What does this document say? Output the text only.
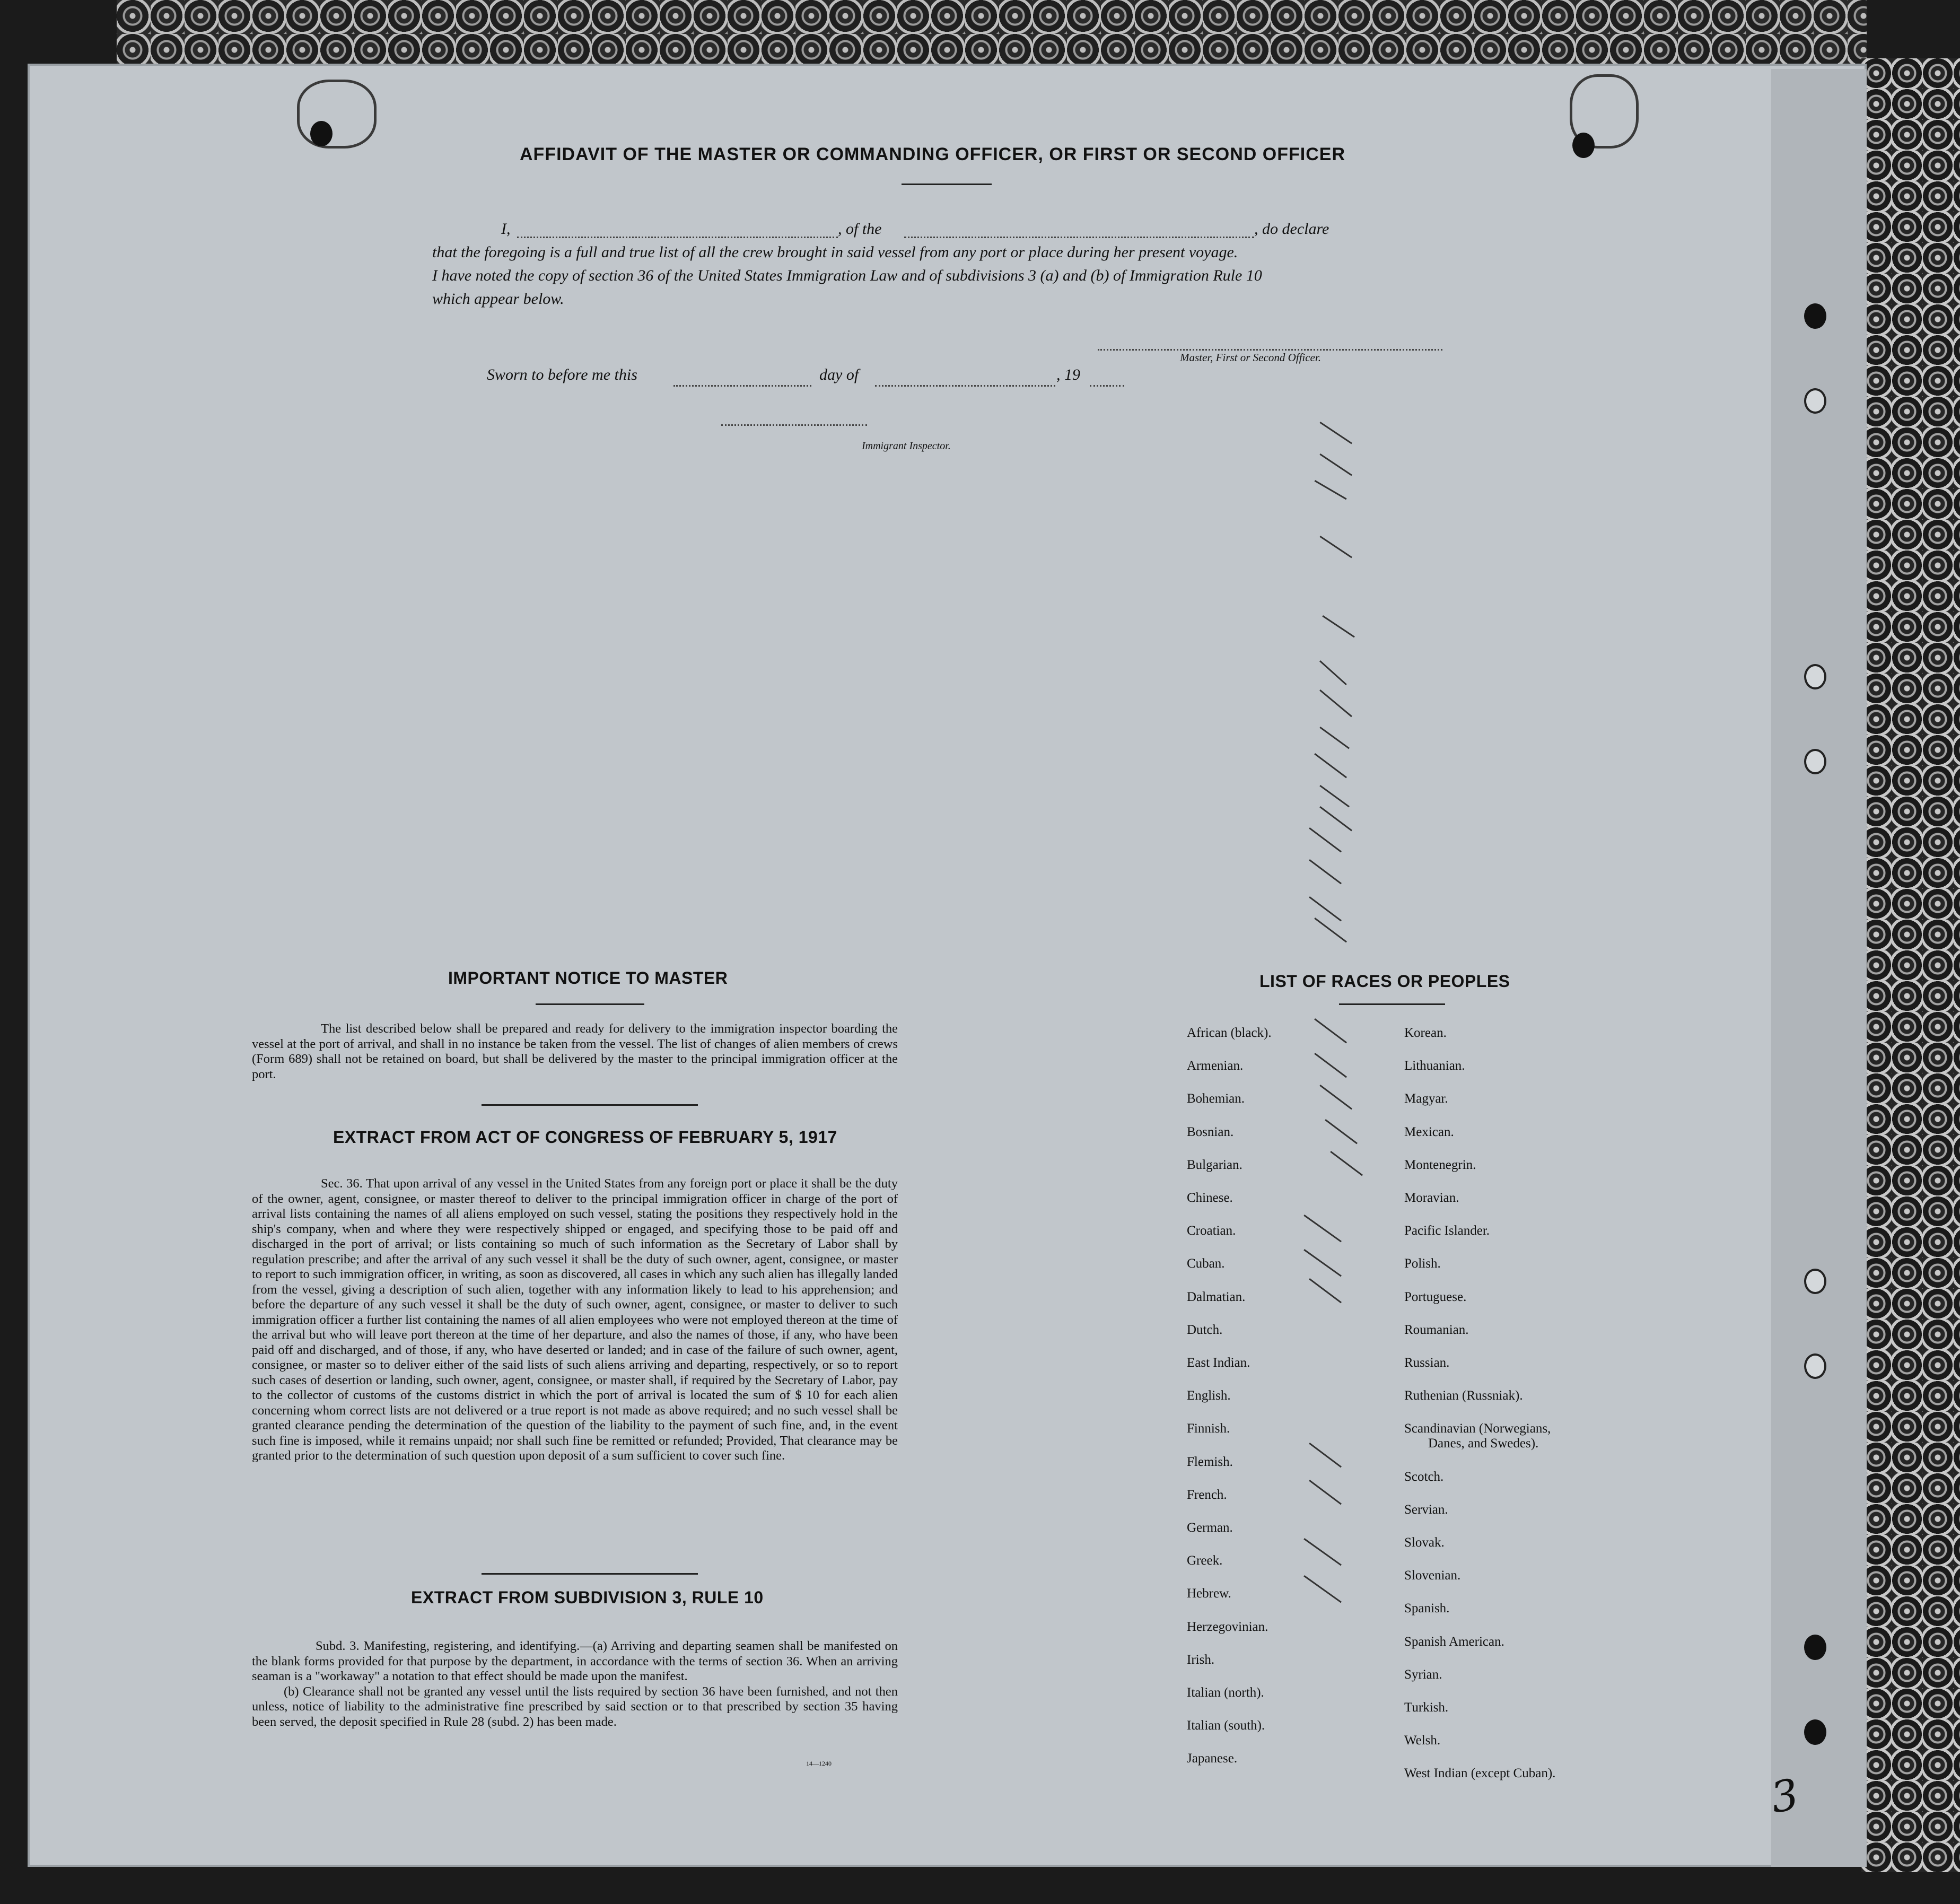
AFFIDAVIT OF THE MASTER OR COMMANDING OFFICER, OR FIRST OR SECOND OFFICER
I,	, of the	, do declare
that the foregoing is a full and true list of all the crew brought in said vessel from any port or place during her present voyage.
I have noted the copy of section 36 of the United States Immigration Law and of subdivisions 3 (a) and (b) of Immigration Rule 10
which appear below.
Master, First or Second Officer.
Sworn to before me this	day of	, 19
Immigrant Inspector.
IMPORTANT NOTICE TO MASTER
The list described below shall be prepared and ready for delivery to the immigration inspector boarding the vessel at the port of arrival, and shall in no instance be taken from the vessel. The list of changes of alien members of crews (Form 689) shall not be retained on board, but shall be delivered by the master to the principal immigration officer at the port.
EXTRACT FROM ACT OF CONGRESS OF FEBRUARY 5, 1917
Sec. 36. That upon arrival of any vessel in the United States from any foreign port or place it shall be the duty of the owner, agent, consignee, or master thereof to deliver to the principal immigration officer in charge of the port of arrival lists containing the names of all aliens employed on such vessel, stating the positions they respectively hold in the ship's company, when and where they were respectively shipped or engaged, and specifying those to be paid off and discharged in the port of arrival; or lists containing so much of such information as the Secretary of Labor shall by regulation prescribe; and after the arrival of any such vessel it shall be the duty of such owner, agent, consignee, or master to report to such immigration officer, in writing, as soon as discovered, all cases in which any such alien has illegally landed from the vessel, giving a description of such alien, together with any information likely to lead to his apprehension; and before the departure of any such vessel it shall be the duty of such owner, agent, consignee, or master to deliver to such immigration officer a further list containing the names of all alien employees who were not employed thereon at the time of the arrival but who will leave port thereon at the time of her departure, and also the names of those, if any, who have been paid off and discharged, and of those, if any, who have deserted or landed; and in case of the failure of such owner, agent, consignee, or master so to deliver either of the said lists of such aliens arriving and departing, respectively, or so to report such cases of desertion or landing, such owner, agent, consignee, or master shall, if required by the Secretary of Labor, pay to the collector of customs of the customs district in which the port of arrival is located the sum of $ 10 for each alien concerning whom correct lists are not delivered or a true report is not made as above required; and no such vessel shall be granted clearance pending the determination of the question of the liability to the payment of such fine, and, in the event such fine is imposed, while it remains unpaid; nor shall such fine be remitted or refunded; Provided, That clearance may be granted prior to the determination of such question upon deposit of a sum sufficient to cover such fine.
EXTRACT FROM SUBDIVISION 3, RULE 10
Subd. 3. Manifesting, registering, and identifying.—(a) Arriving and departing seamen shall be manifested on the blank forms provided for that purpose by the department, in accordance with the terms of section 36. When an arriving seaman is a "workaway" a notation to that effect should be made upon the manifest.
(b) Clearance shall not be granted any vessel until the lists required by section 36 have been furnished, and not then unless, notice of liability to the administrative fine prescribed by said section or to that prescribed by section 35 having been served, the deposit specified in Rule 28 (subd. 2) has been made.
14—1240
LIST OF RACES OR PEOPLES
African (black).
Armenian.
Bohemian.
Bosnian.
Bulgarian.
Chinese.
Croatian.
Cuban.
Dalmatian.
Dutch.
East Indian.
English.
Finnish.
Flemish.
French.
German.
Greek.
Hebrew.
Herzegovinian.
Irish.
Italian (north).
Italian (south).
Japanese.
Korean.
Lithuanian.
Magyar.
Mexican.
Montenegrin.
Moravian.
Pacific Islander.
Polish.
Portuguese.
Roumanian.
Russian.
Ruthenian (Russniak).
Scandinavian (Norwegians,
Danes, and Swedes).
Scotch.
Servian.
Slovak.
Slovenian.
Spanish.
Spanish American.
Syrian.
Turkish.
Welsh.
West Indian (except Cuban).	3
